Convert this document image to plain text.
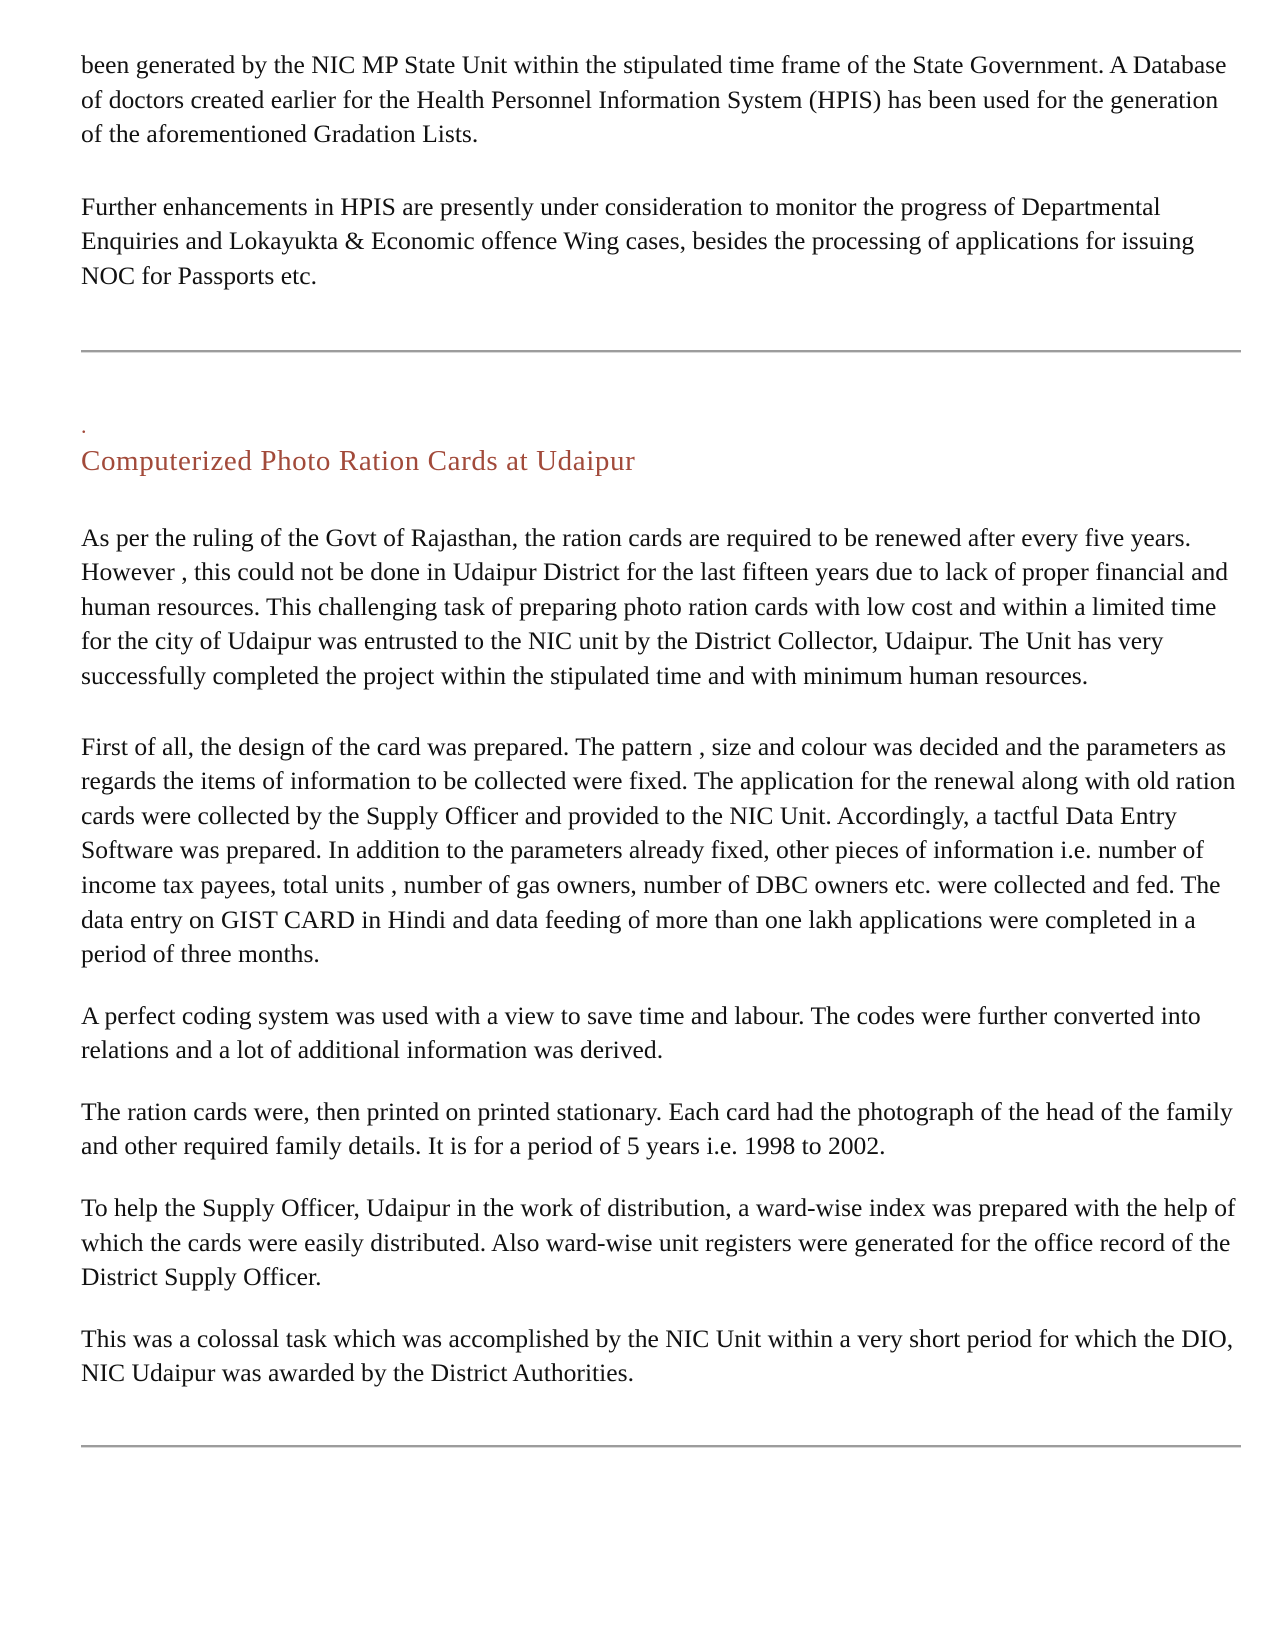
been generated by the NIC MP State Unit within the stipulated time frame of the State Government. A Database of doctors created earlier for the Health Personnel Information System (HPIS) has been used for the generation of the aforementioned Gradation Lists.

Further enhancements in HPIS are presently under consideration to monitor the progress of Departmental Enquiries and Lokayukta & Economic offence Wing cases, besides the processing of applications for issuing NOC for Passports etc.

.
Computerized Photo Ration Cards at Udaipur

As per the ruling of the Govt of Rajasthan, the ration cards are required to be renewed after every five years. However , this could not be done in Udaipur District for the last fifteen years due to lack of proper financial and human resources. This challenging task of preparing photo ration cards with low cost and within a limited time for the city of Udaipur was entrusted to the NIC unit by the District Collector, Udaipur. The Unit has very successfully completed the project within the stipulated time and with minimum human resources.

First of all, the design of the card was prepared. The pattern , size and colour was decided and the parameters as regards the items of information to be collected were fixed. The application for the renewal along with old ration cards were collected by the Supply Officer and provided to the NIC Unit. Accordingly, a tactful Data Entry Software was prepared. In addition to the parameters already fixed, other pieces of information i.e. number of income tax payees, total units , number of gas owners, number of DBC owners etc. were collected and fed. The data entry on GIST CARD in Hindi and data feeding of more than one lakh applications were completed in a period of three months.

A perfect coding system was used with a view to save time and labour. The codes were further converted into relations and a lot of additional information was derived.

The ration cards were, then printed on printed stationary. Each card had the photograph of the head of the family and other required family details. It is for a period of 5 years i.e. 1998 to 2002.

To help the Supply Officer, Udaipur in the work of distribution, a ward-wise index was prepared with the help of which the cards were easily distributed. Also ward-wise unit registers were generated for the office record of the District Supply Officer.

This was a colossal task which was accomplished by the NIC Unit within a very short period for which the DIO, NIC Udaipur was awarded by the District Authorities.
